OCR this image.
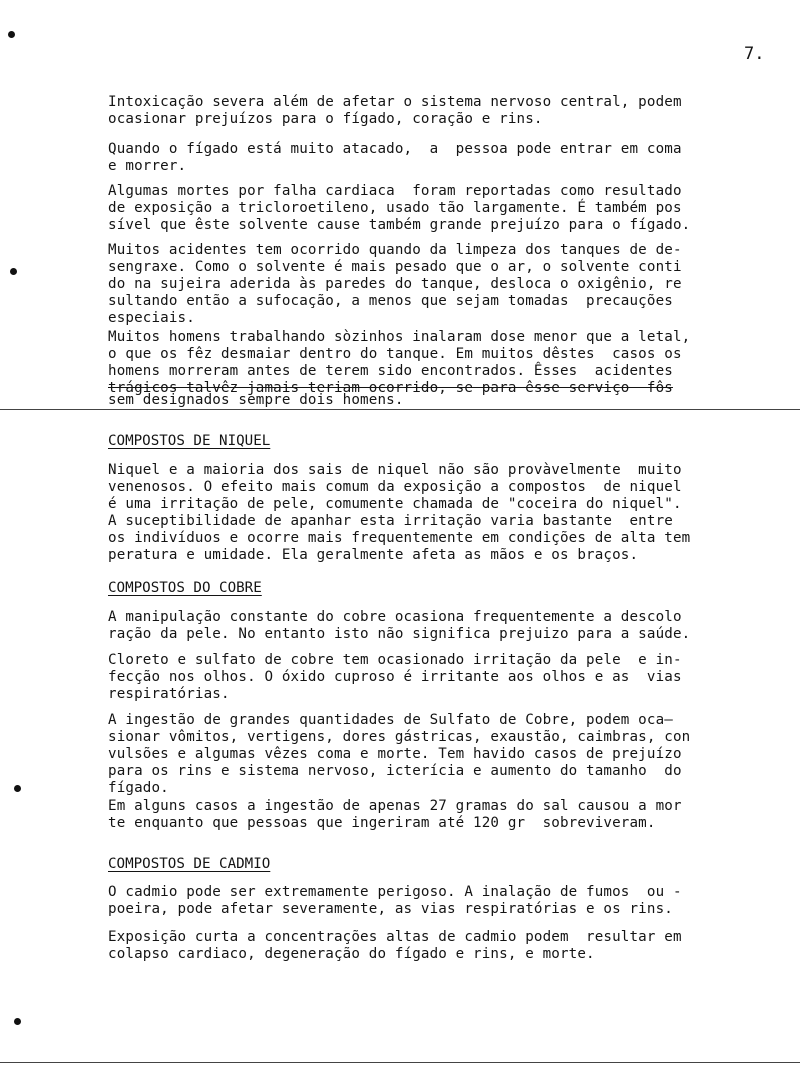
7.
Intoxicação severa além de afetar o sistema nervoso central, podem
ocasionar prejuízos para o fígado, coração e rins.
Quando o fígado está muito atacado,  a  pessoa pode entrar em coma
e morrer.
Algumas mortes por falha cardiaca  foram reportadas como resultado
de exposição a tricloroetileno, usado tão largamente. É também pos
sível que êste solvente cause também grande prejuízo para o fígado.
Muitos acidentes tem ocorrido quando da limpeza dos tanques de de-
sengraxe. Como o solvente é mais pesado que o ar, o solvente conti
do na sujeira aderida às paredes do tanque, desloca o oxigênio, re
sultando então a sufocação, a menos que sejam tomadas  precauções
especiais.
Muitos homens trabalhando sòzinhos inalaram dose menor que a letal,
o que os fêz desmaiar dentro do tanque. Em muitos dêstes  casos os
homens morreram antes de terem sido encontrados. Êsses  acidentes
trágicos talvêz jamais teriam ocorrido, se para êsse serviço  fôs
sem designados sempre dois homens.
COMPOSTOS DE NIQUEL
Niquel e a maioria dos sais de niquel não são provàvelmente  muito
venenosos. O efeito mais comum da exposição a compostos  de niquel
é uma irritação de pele, comumente chamada de "coceira do niquel".
A suceptibilidade de apanhar esta irritação varia bastante  entre
os indivíduos e ocorre mais frequentemente em condições de alta tem
peratura e umidade. Ela geralmente afeta as mãos e os braços.
COMPOSTOS DO COBRE
A manipulação constante do cobre ocasiona frequentemente a descolo
ração da pele. No entanto isto não significa prejuizo para a saúde.
Cloreto e sulfato de cobre tem ocasionado irritação da pele  e in-
fecção nos olhos. O óxido cuproso é irritante aos olhos e as  vias
respiratórias.
A ingestão de grandes quantidades de Sulfato de Cobre, podem oca—
sionar vômitos, vertigens, dores gástricas, exaustão, caimbras, con
vulsões e algumas vêzes coma e morte. Tem havido casos de prejuízo
para os rins e sistema nervoso, icterícia e aumento do tamanho  do
fígado.
Em alguns casos a ingestão de apenas 27 gramas do sal causou a mor
te enquanto que pessoas que ingeriram até 120 gr  sobreviveram.
COMPOSTOS DE CADMIO
O cadmio pode ser extremamente perigoso. A inalação de fumos  ou -
poeira, pode afetar severamente, as vias respiratórias e os rins.
Exposição curta a concentrações altas de cadmio podem  resultar em
colapso cardiaco, degeneração do fígado e rins, e morte.
